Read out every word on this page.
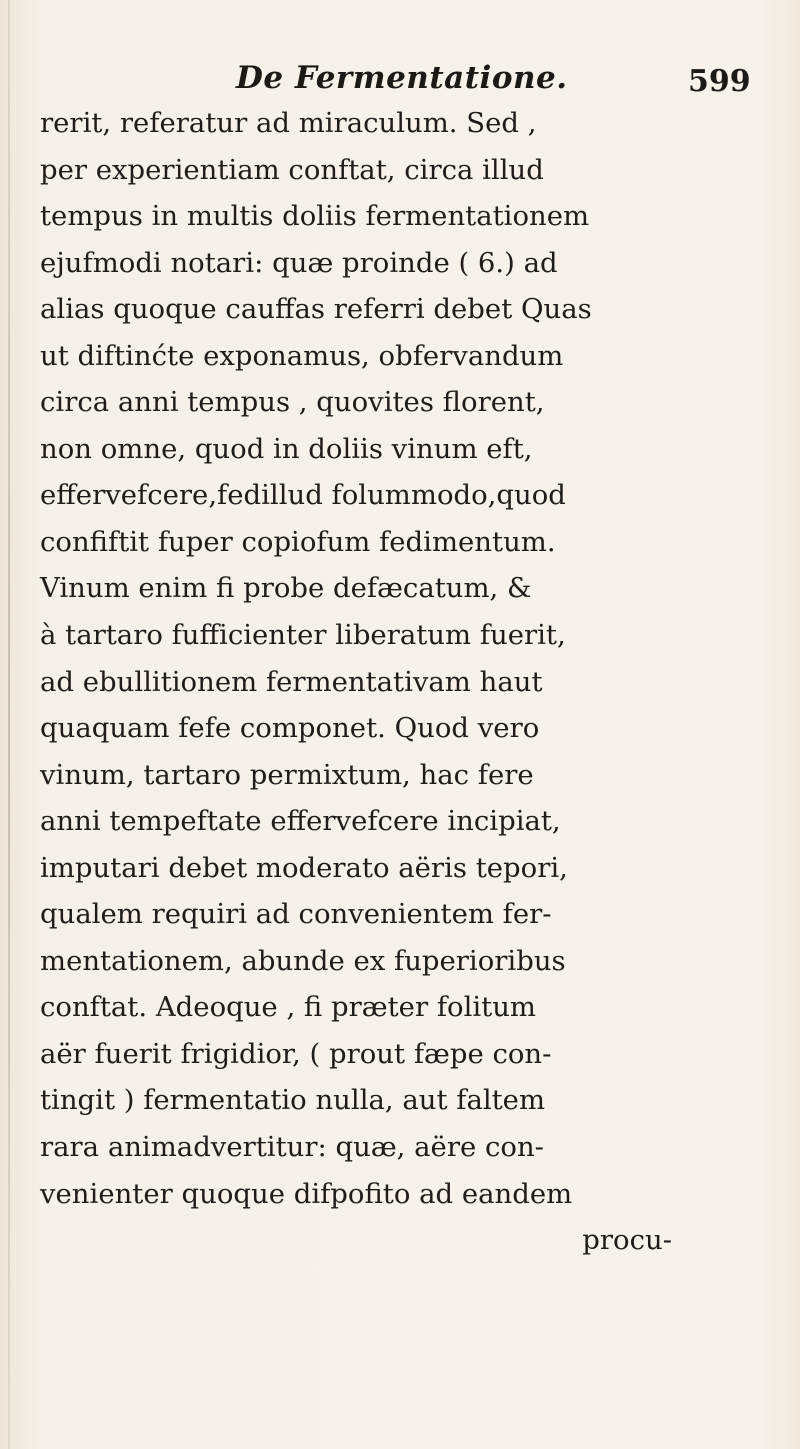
De Fermentatione.	599
rerit, referatur ad miraculum. Sed ,
per experientiam conftat, circa illud
tempus in multis doliis fermentationem
ejufmodi notari: quæ proinde ( 6.) ad
alias quoque cauffas referri debet Quas
ut diftinćte exponamus, obfervandum
circa anni tempus , quovites florent,
non omne, quod in doliis vinum eft,
effervefcere,fedillud folummodo,quod
confiftit fuper copiofum fedimentum.
Vinum enim fi probe defæcatum, &
à tartaro fufficienter liberatum fuerit,
ad ebullitionem fermentativam haut
quaquam fefe componet. Quod vero
vinum, tartaro permixtum, hac fere
anni tempeftate effervefcere incipiat,
imputari debet moderato aëris tepori,
qualem requiri ad convenientem fer-
mentationem, abunde ex fuperioribus
conftat. Adeoque , fi præter folitum
aër fuerit frigidior, ( prout fæpe con-
tingit ) fermentatio nulla, aut faltem
rara animadvertitur: quæ, aëre con-
venienter quoque difpofito ad eandem
procu-
